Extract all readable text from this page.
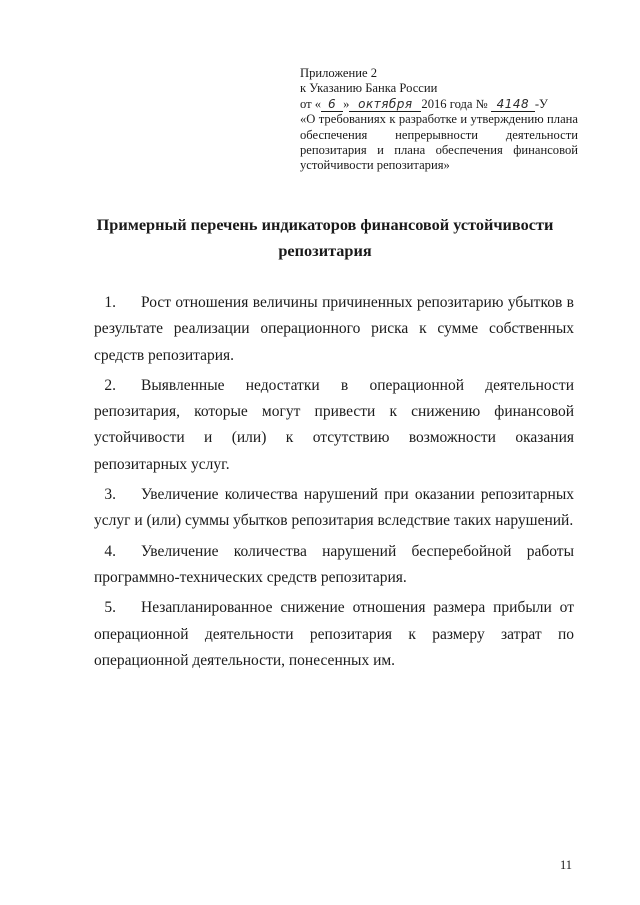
Приложение 2
к Указанию Банка России
от « 6 » октября 2016 года № 4148 -У
«О требованиях к разработке и утверждению плана обеспечения непрерывности деятельности репозитария и плана обеспечения финансовой устойчивости репозитария»
Примерный перечень индикаторов финансовой устойчивости
репозитария

1. Рост отношения величины причиненных репозитарию убытков в результате реализации операционного риска к сумме собственных средств репозитария.

2. Выявленные недостатки в операционной деятельности репозитария, которые могут привести к снижению финансовой устойчивости и (или) к отсутствию возможности оказания репозитарных услуг.

3. Увеличение количества нарушений при оказании репозитарных услуг и (или) суммы убытков репозитария вследствие таких нарушений.

4. Увеличение количества нарушений бесперебойной работы программно-технических средств репозитария.

5. Незапланированное снижение отношения размера прибыли от операционной деятельности репозитария к размеру затрат по операционной деятельности, понесенных им.

11
